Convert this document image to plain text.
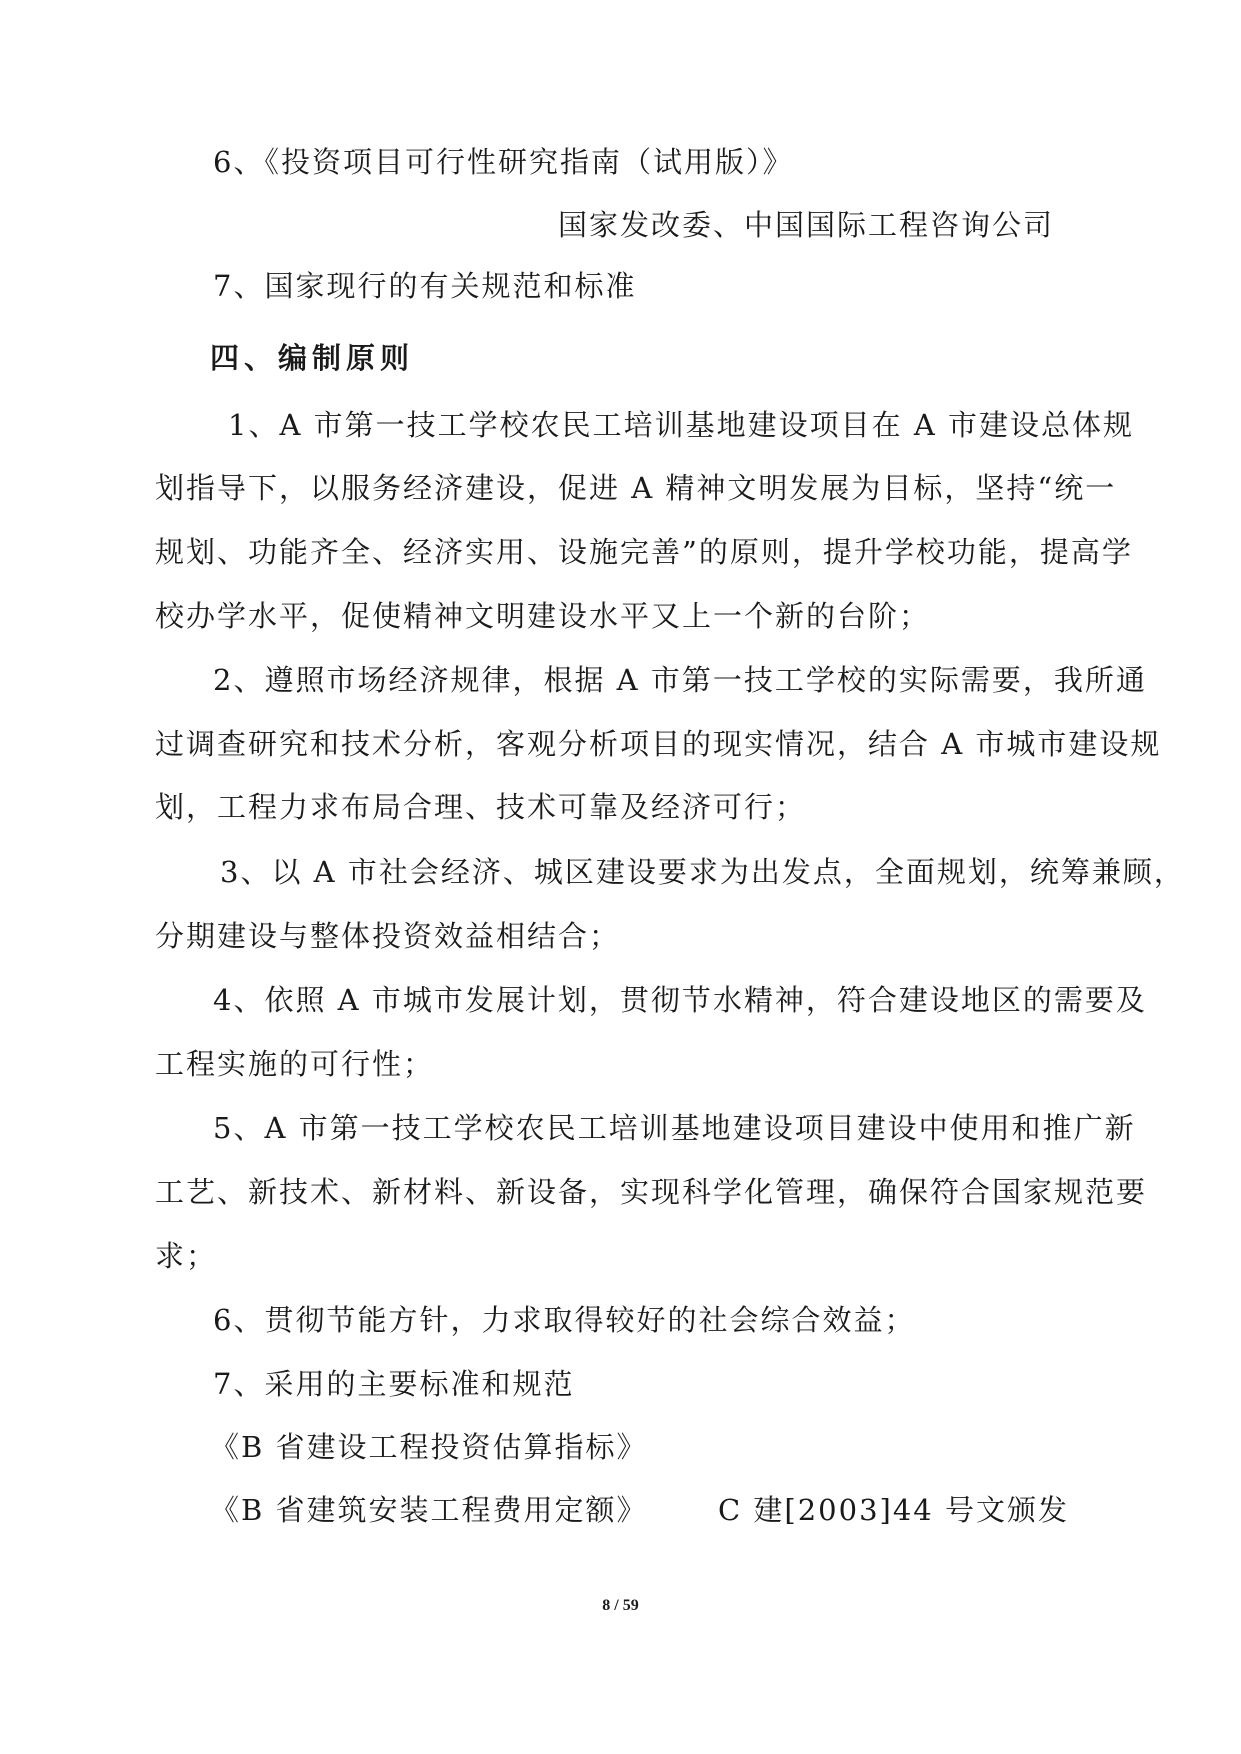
6、《投资项目可行性研究指南（试用版）》
国家发改委、中国国际工程咨询公司
7、国家现行的有关规范和标准
四、编制原则
1、A 市第一技工学校农民工培训基地建设项目在 A 市建设总体规
划指导下，以服务经济建设，促进 A 精神文明发展为目标，坚持“统一
规划、功能齐全、经济实用、设施完善”的原则，提升学校功能，提高学
校办学水平，促使精神文明建设水平又上一个新的台阶；
2、遵照市场经济规律，根据 A 市第一技工学校的实际需要，我所通
过调查研究和技术分析，客观分析项目的现实情况，结合 A 市城市建设规
划，工程力求布局合理、技术可靠及经济可行；
3、以 A 市社会经济、城区建设要求为出发点，全面规划，统筹兼顾，
分期建设与整体投资效益相结合；
4、依照 A 市城市发展计划，贯彻节水精神，符合建设地区的需要及
工程实施的可行性；
5、A 市第一技工学校农民工培训基地建设项目建设中使用和推广新
工艺、新技术、新材料、新设备，实现科学化管理，确保符合国家规范要
求；
6、贯彻节能方针，力求取得较好的社会综合效益；
7、采用的主要标准和规范
《B 省建设工程投资估算指标》
《B 省建筑安装工程费用定额》 C 建[2003]44 号文颁发
8 / 59
